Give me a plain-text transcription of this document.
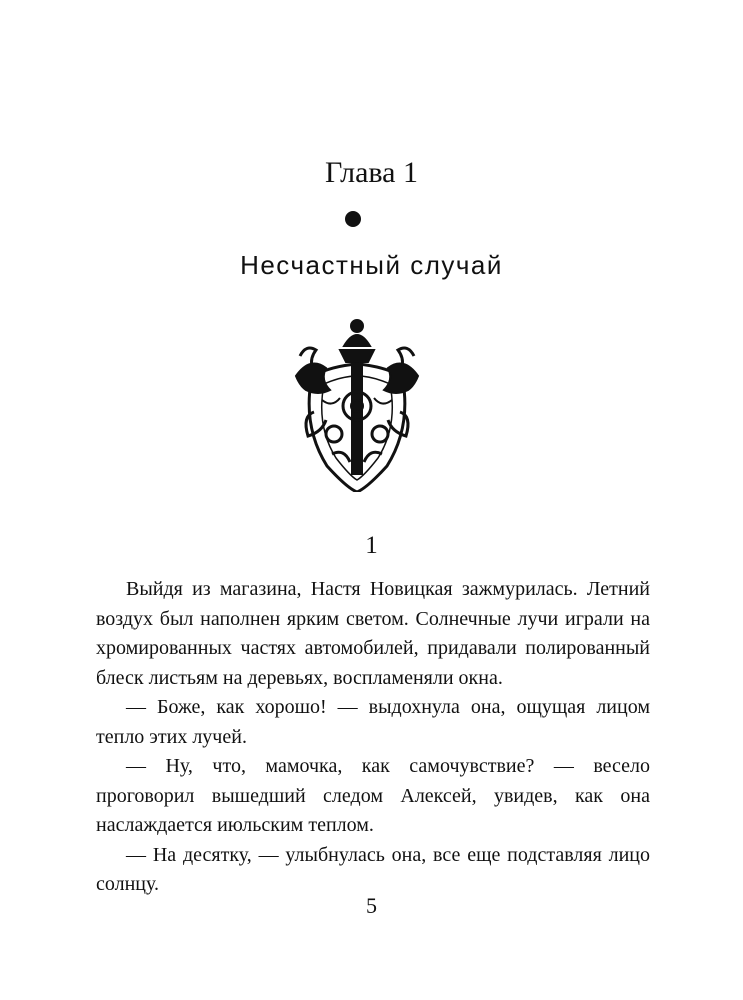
Глава 1
Несчастный случай
1

Выйдя из магазина, Настя Новицкая зажмурилась. Летний воздух был наполнен ярким светом. Солнечные лучи играли на хромированных частях автомобилей, придавали полированный блеск листьям на деревьях, воспламеняли окна.

— Боже, как хорошо! — выдохнула она, ощущая лицом тепло этих лучей.

— Ну, что, мамочка, как самочувствие? — весело проговорил вышедший следом Алексей, увидев, как она наслаждается июльским теплом.

— На десятку, — улыбнулась она, все еще подставляя лицо солнцу.

5
